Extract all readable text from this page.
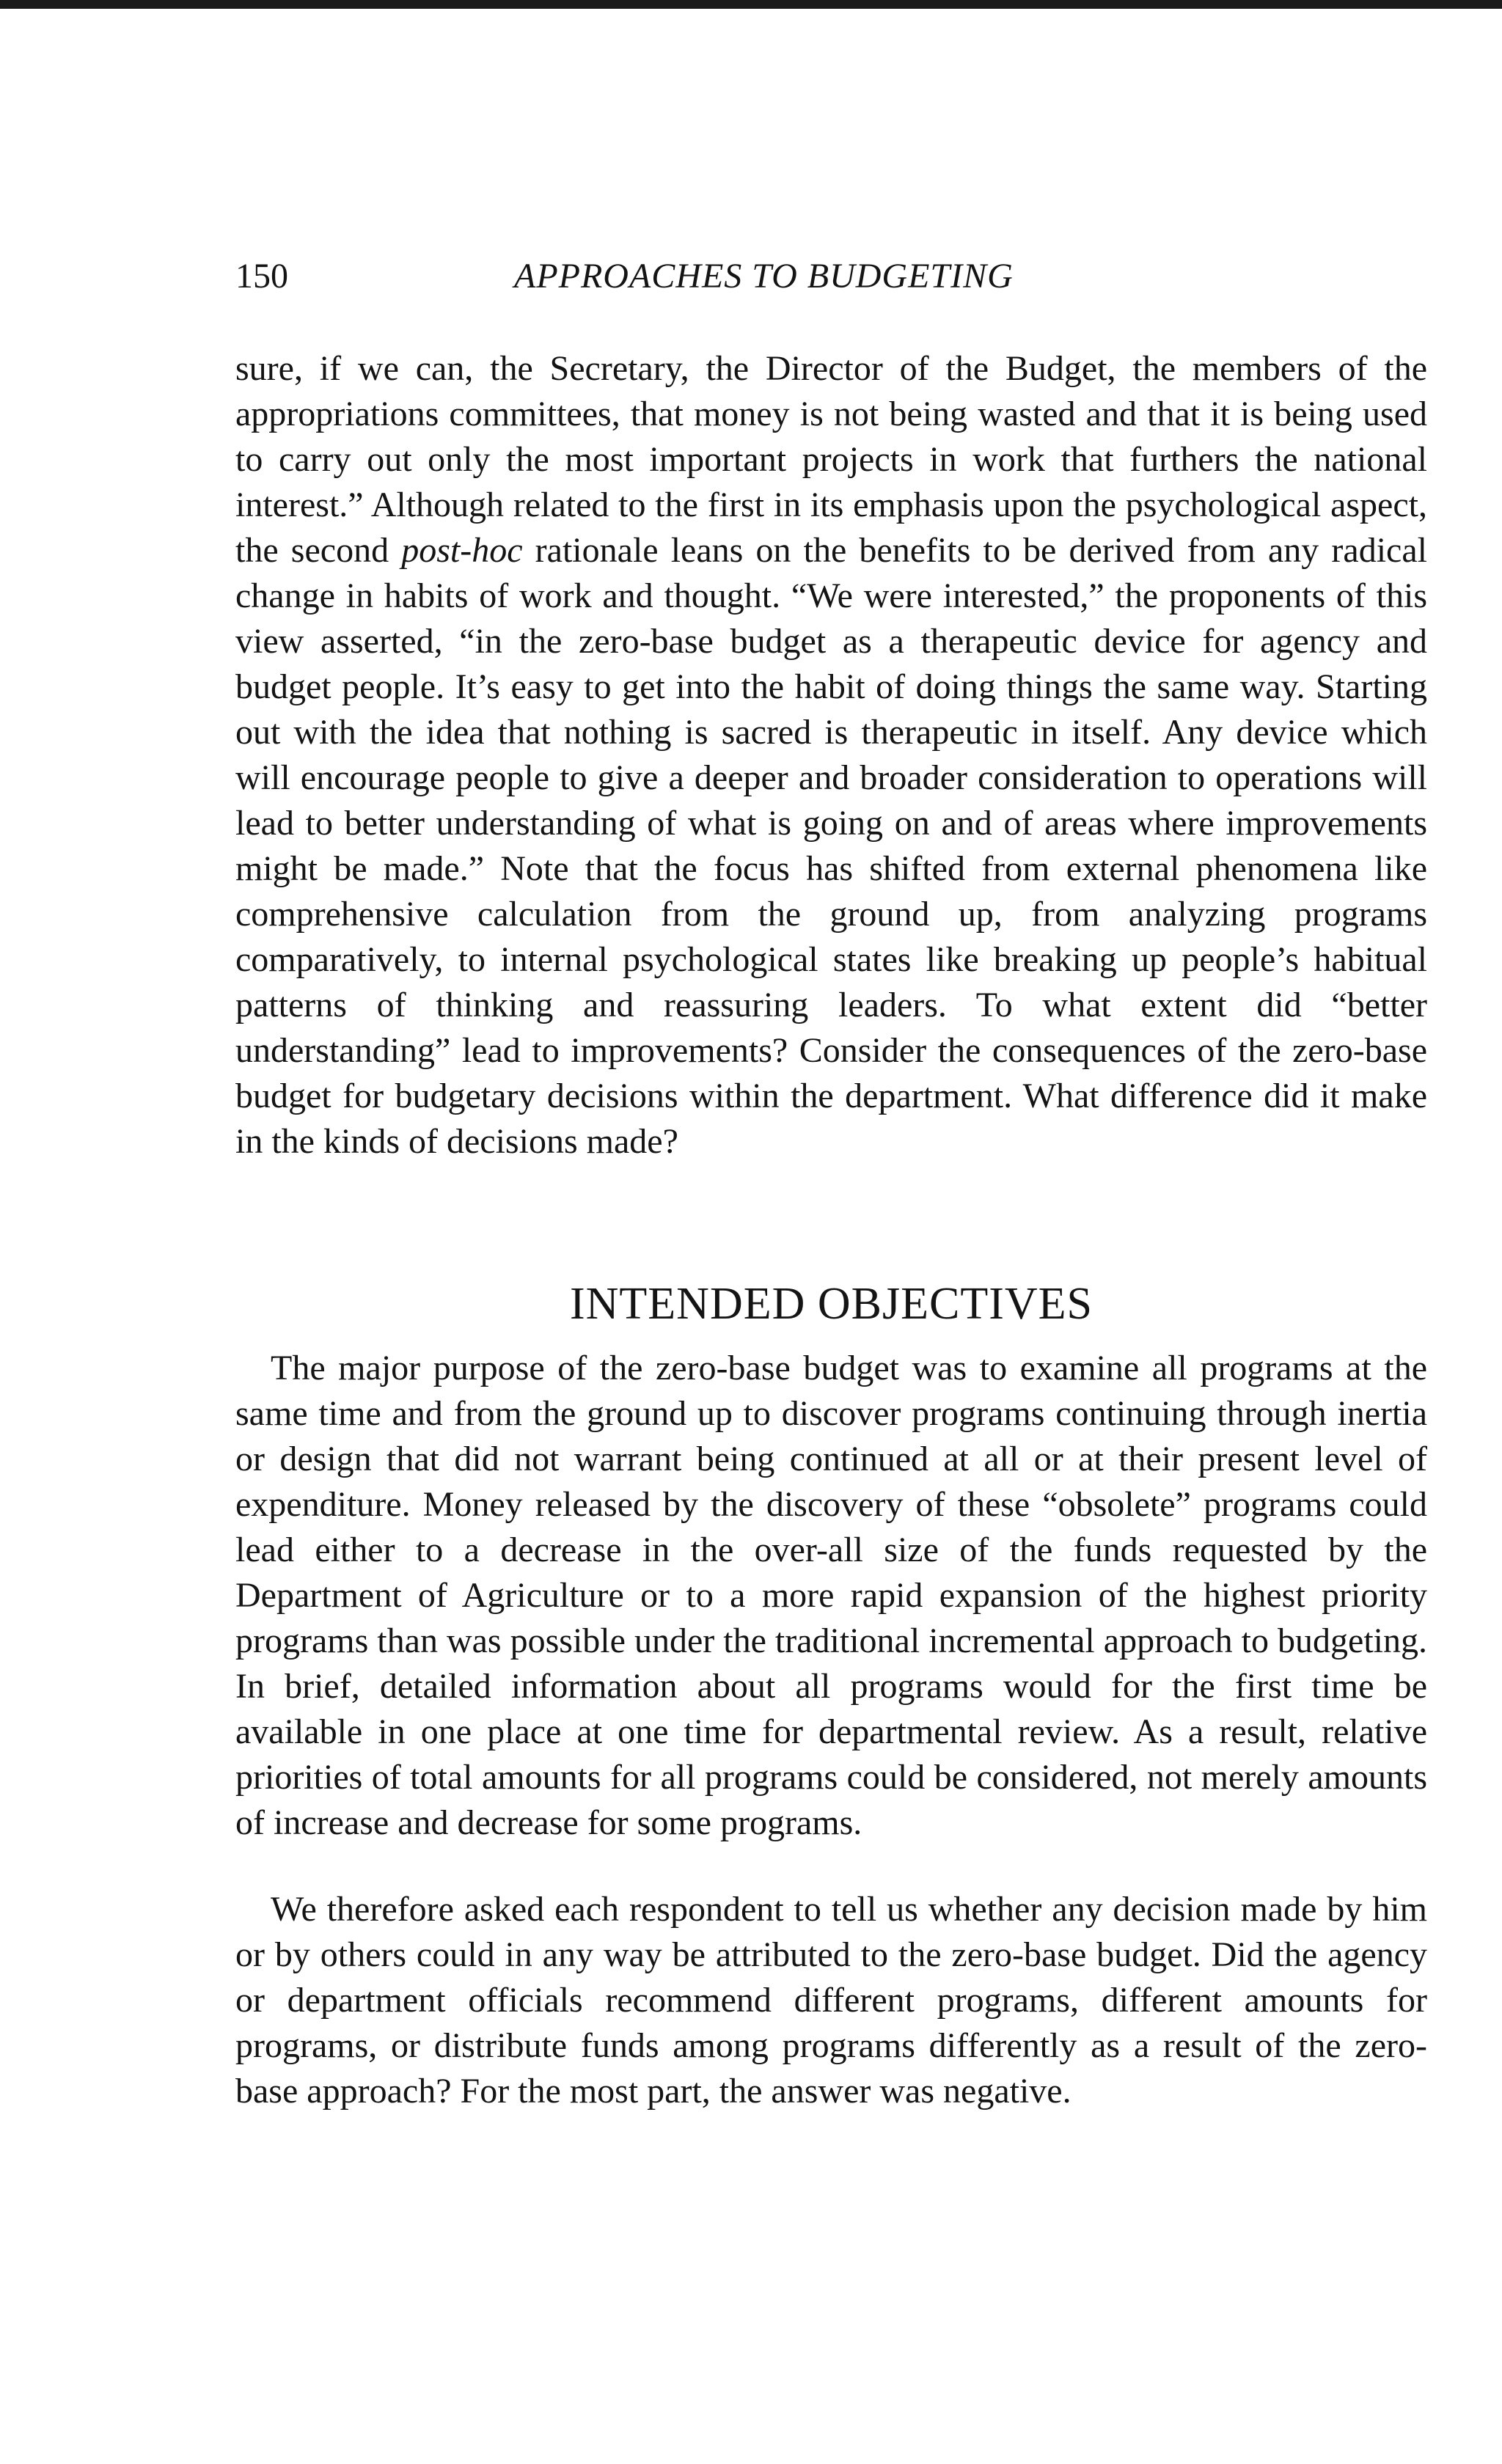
150	APPROACHES TO BUDGETING

sure, if we can, the Secretary, the Director of the Budget, the members of the appropriations committees, that money is not being wasted and that it is being used to carry out only the most important projects in work that furthers the national interest.” Although related to the first in its emphasis upon the psychological aspect, the second post-hoc rationale leans on the benefits to be derived from any radical change in habits of work and thought. “We were interested,” the proponents of this view asserted, “in the zero-base budget as a therapeutic device for agency and budget people. It’s easy to get into the habit of doing things the same way. Starting out with the idea that nothing is sacred is therapeutic in itself. Any device which will encourage people to give a deeper and broader consideration to operations will lead to better understanding of what is going on and of areas where improvements might be made.” Note that the focus has shifted from external phenomena like comprehensive calculation from the ground up, from analyzing programs comparatively, to internal psychological states like breaking up people’s habitual patterns of thinking and reassuring leaders. To what extent did “better understanding” lead to improvements? Consider the consequences of the zero-base budget for budgetary decisions within the department. What difference did it make in the kinds of decisions made?

INTENDED OBJECTIVES

The major purpose of the zero-base budget was to examine all programs at the same time and from the ground up to discover programs continuing through inertia or design that did not warrant being continued at all or at their present level of expenditure. Money released by the discovery of these “obsolete” programs could lead either to a decrease in the over-all size of the funds requested by the Department of Agriculture or to a more rapid expansion of the highest priority programs than was possible under the traditional incremental approach to budgeting. In brief, detailed information about all programs would for the first time be available in one place at one time for departmental review. As a result, relative priorities of total amounts for all programs could be considered, not merely amounts of increase and decrease for some programs.

We therefore asked each respondent to tell us whether any decision made by him or by others could in any way be attributed to the zero-base budget. Did the agency or department officials recommend different programs, different amounts for programs, or distribute funds among programs differently as a result of the zero-base approach? For the most part, the answer was negative.
